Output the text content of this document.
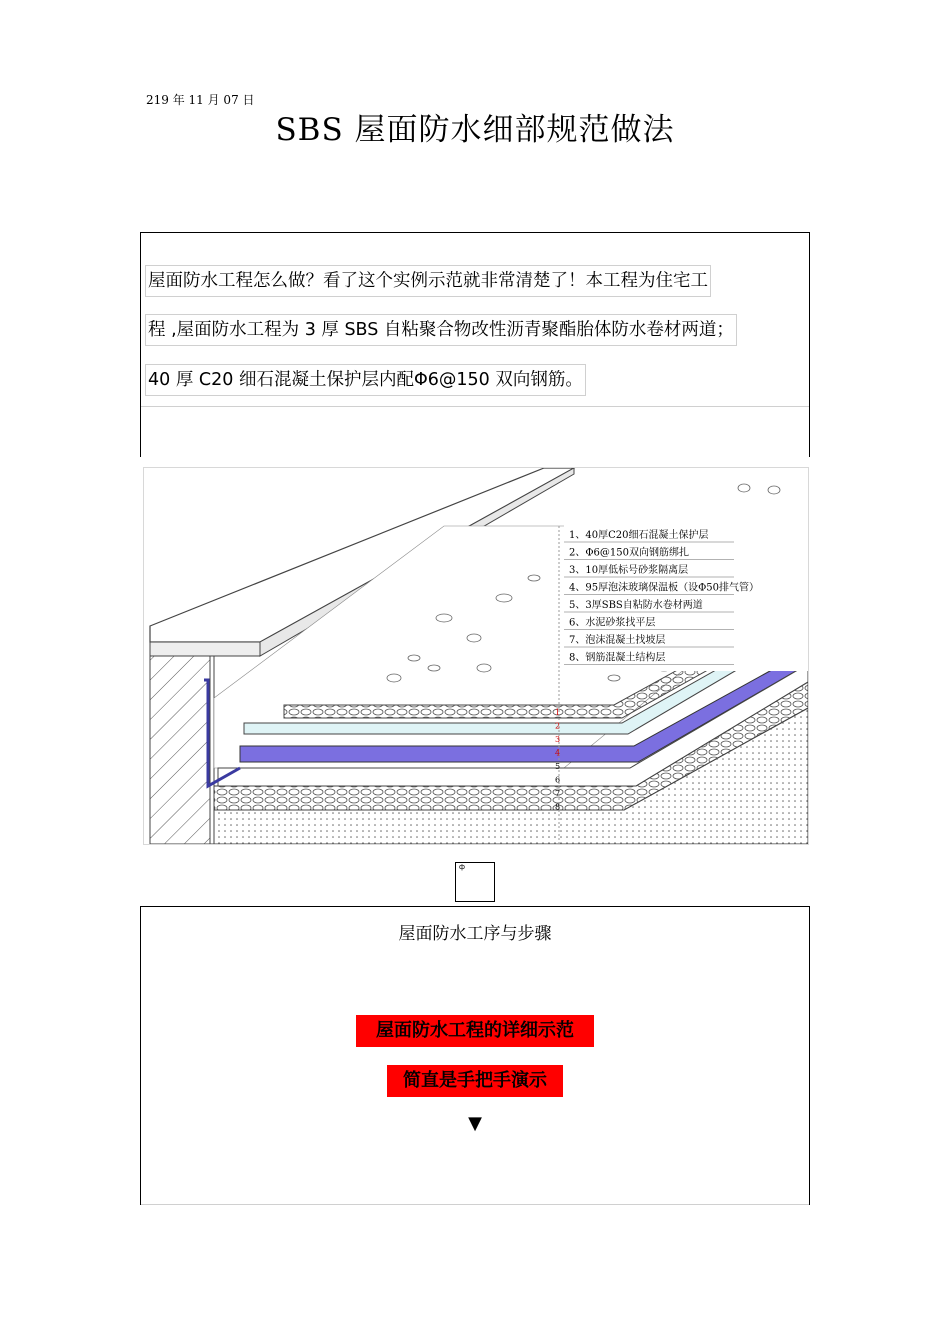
219 年 11 月 07 日
SBS 屋面防水细部规范做法
屋面防水工程怎么做？看了这个实例示范就非常清楚了！本工程为住宅工
程 ,屋面防水工程为 3 厚 SBS 自粘聚合物改性沥青聚酯胎体防水卷材两道；
40 厚 C20 细石混凝土保护层内配Φ6@150 双向钢筋。
1、40厚C20细石混凝土保护层
2、Φ6@150双向钢筋绑扎
3、10厚低标号砂浆隔离层
4、95厚泡沫玻璃保温板（设Φ50排气管）
5、3厚SBS自粘防水卷材两道
6、水泥砂浆找平层
7、泡沫混凝土找坡层
8、钢筋混凝土结构层
1
2
3
4
5
6
7
8
ф
屋面防水工序与步骤
屋面防水工程的详细示范
简直是手把手演示
▼
